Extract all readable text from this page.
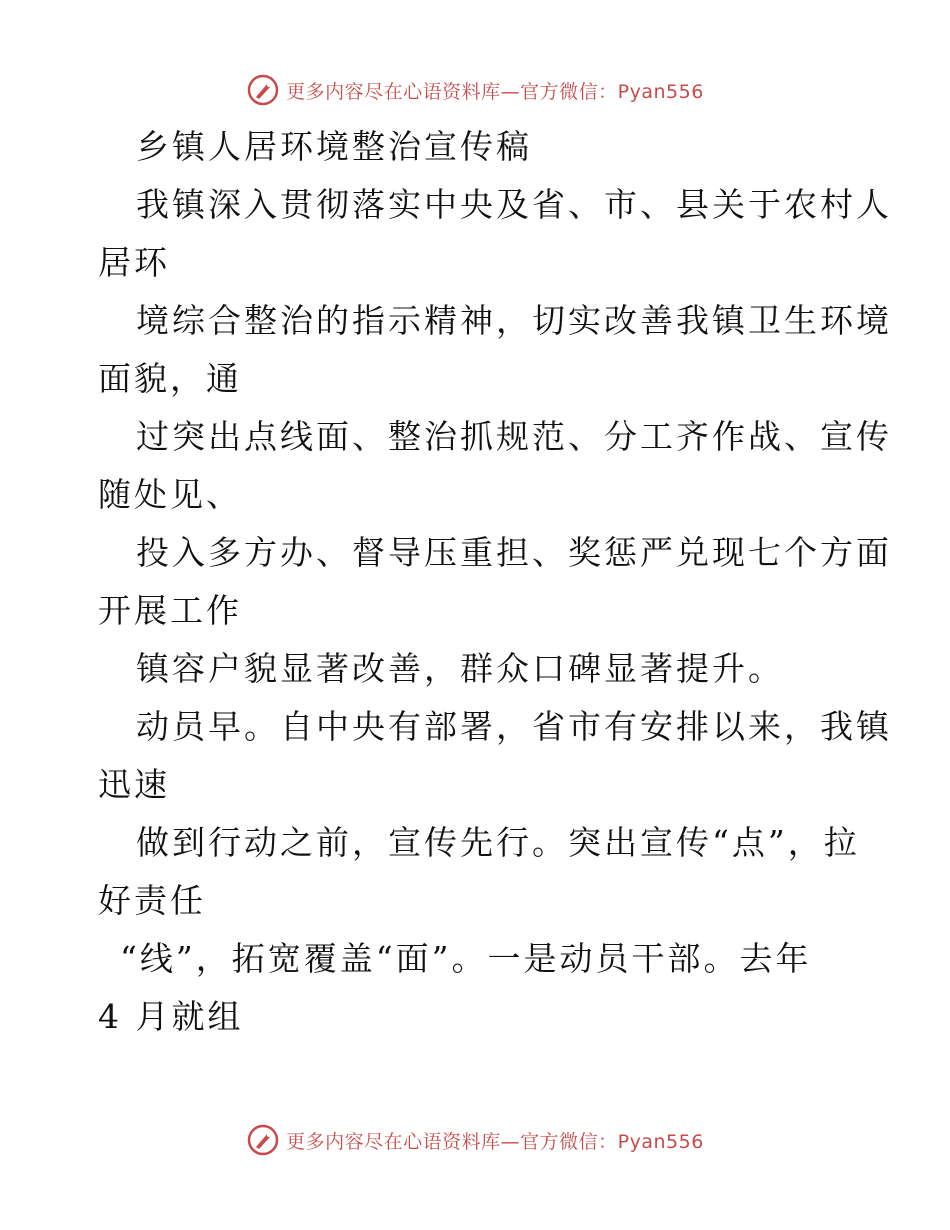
更多内容尽在心语资料库—官方微信：Pyan556
乡镇人居环境整治宣传稿
我镇深入贯彻落实中央及省、市、县关于农村人
居环
境综合整治的指示精神，切实改善我镇卫生环境
面貌，通
过突出点线面、整治抓规范、分工齐作战、宣传
随处见、
投入多方办、督导压重担、奖惩严兑现七个方面
开展工作
镇容户貌显著改善，群众口碑显著提升。
动员早。自中央有部署，省市有安排以来，我镇
迅速
做到行动之前，宣传先行。突出宣传“点”，拉
好责任
“线”，拓宽覆盖“面”。一是动员干部。去年
4 月就组
更多内容尽在心语资料库—官方微信：Pyan556
